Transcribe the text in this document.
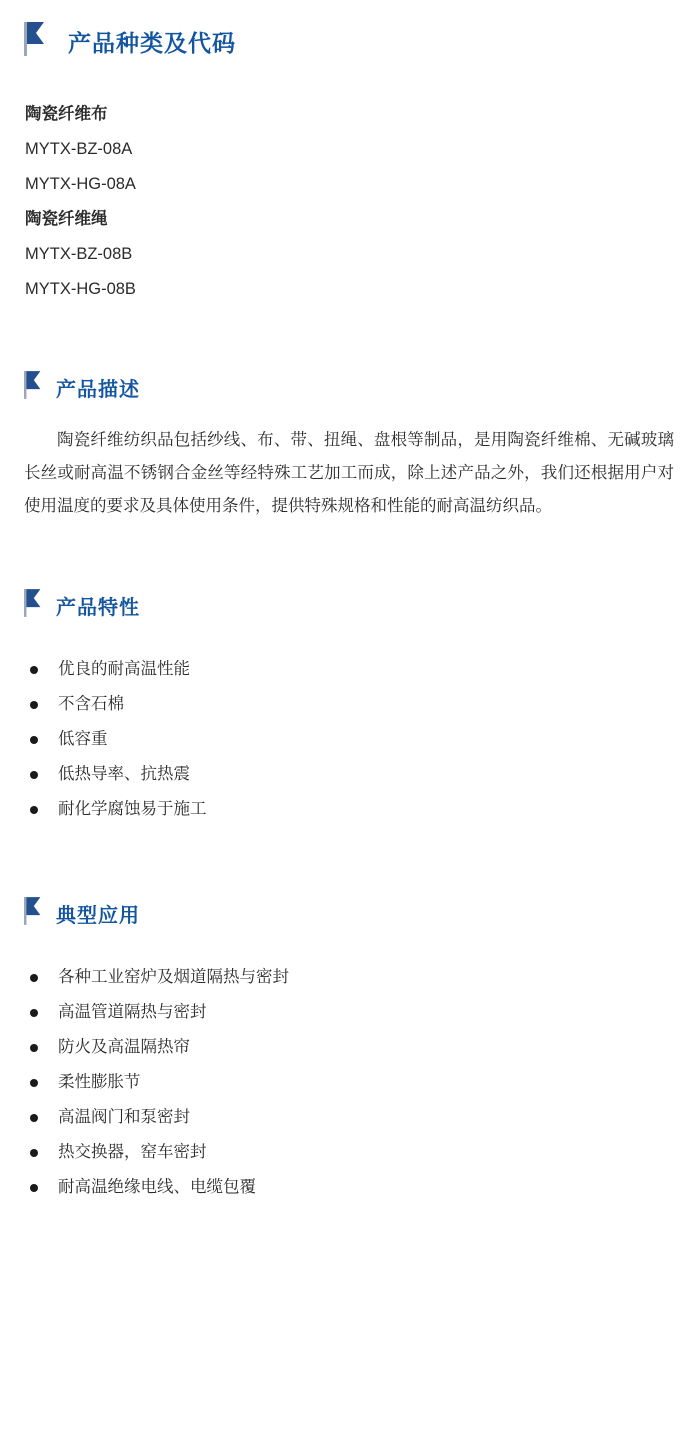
产品种类及代码
陶瓷纤维布
MYTX-BZ-08A
MYTX-HG-08A
陶瓷纤维绳
MYTX-BZ-08B
MYTX-HG-08B
产品描述

陶瓷纤维纺织品包括纱线、布、带、扭绳、盘根等制品，是用陶瓷纤维棉、无碱玻璃长丝或耐高温不锈钢合金丝等经特殊工艺加工而成，除上述产品之外，我们还根据用户对使用温度的要求及具体使用条件，提供特殊规格和性能的耐高温纺织品。

产品特性
优良的耐高温性能
不含石棉
低容重
低热导率、抗热震
耐化学腐蚀易于施工
典型应用
各种工业窑炉及烟道隔热与密封
高温管道隔热与密封
防火及高温隔热帘
柔性膨胀节
高温阀门和泵密封
热交换器，窑车密封
耐高温绝缘电线、电缆包覆
